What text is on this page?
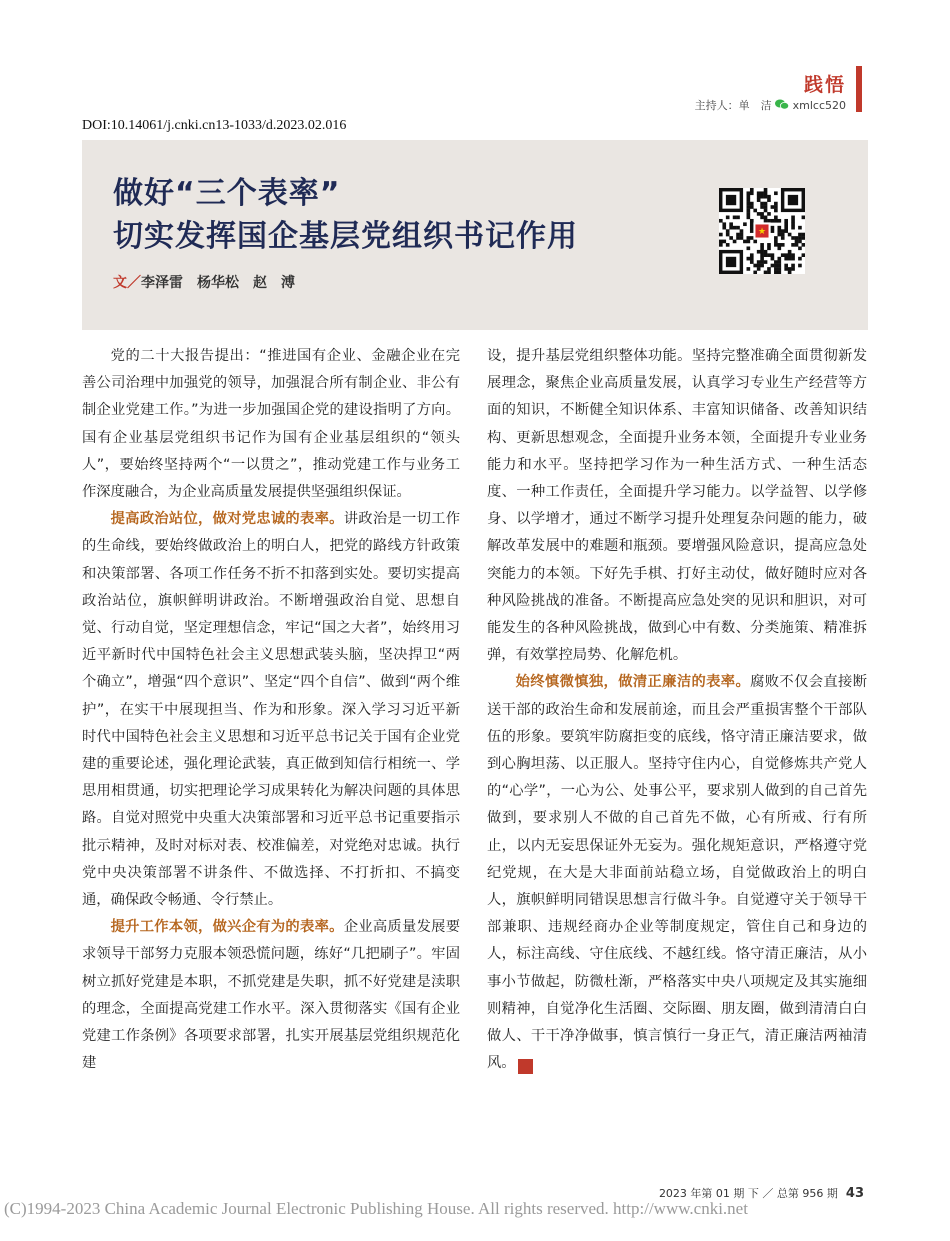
践悟
主持人：单　洁 xmlcc520
DOI:10.14061/j.cnki.cn13-1033/d.2023.02.016
做好“三个表率”
切实发挥国企基层党组织书记作用
文／李泽雷　杨华松　赵　溥
★

党的二十大报告提出：“推进国有企业、金融企业在完善公司治理中加强党的领导，加强混合所有制企业、非公有制企业党建工作。”为进一步加强国企党的建设指明了方向。国有企业基层党组织书记作为国有企业基层组织的“领头人”，要始终坚持两个“一以贯之”，推动党建工作与业务工作深度融合，为企业高质量发展提供坚强组织保证。

提高政治站位，做对党忠诚的表率。讲政治是一切工作的生命线，要始终做政治上的明白人，把党的路线方针政策和决策部署、各项工作任务不折不扣落到实处。要切实提高政治站位，旗帜鲜明讲政治。不断增强政治自觉、思想自觉、行动自觉，坚定理想信念，牢记“国之大者”，始终用习近平新时代中国特色社会主义思想武装头脑，坚决捍卫“两个确立”，增强“四个意识”、坚定“四个自信”、做到“两个维护”，在实干中展现担当、作为和形象。深入学习习近平新时代中国特色社会主义思想和习近平总书记关于国有企业党建的重要论述，强化理论武装，真正做到知信行相统一、学思用相贯通，切实把理论学习成果转化为解决问题的具体思路。自觉对照党中央重大决策部署和习近平总书记重要指示批示精神，及时对标对表、校准偏差，对党绝对忠诚。执行党中央决策部署不讲条件、不做选择、不打折扣、不搞变通，确保政令畅通、令行禁止。

提升工作本领，做兴企有为的表率。企业高质量发展要求领导干部努力克服本领恐慌问题，练好“几把刷子”。牢固树立抓好党建是本职，不抓党建是失职，抓不好党建是渎职的理念，全面提高党建工作水平。深入贯彻落实《国有企业党建工作条例》各项要求部署，扎实开展基层党组织规范化建

设，提升基层党组织整体功能。坚持完整准确全面贯彻新发展理念，聚焦企业高质量发展，认真学习专业生产经营等方面的知识，不断健全知识体系、丰富知识储备、改善知识结构、更新思想观念，全面提升业务本领，全面提升专业业务能力和水平。坚持把学习作为一种生活方式、一种生活态度、一种工作责任，全面提升学习能力。以学益智、以学修身、以学增才，通过不断学习提升处理复杂问题的能力，破解改革发展中的难题和瓶颈。要增强风险意识，提高应急处突能力的本领。下好先手棋、打好主动仗，做好随时应对各种风险挑战的准备。不断提高应急处突的见识和胆识，对可能发生的各种风险挑战，做到心中有数、分类施策、精准拆弹，有效掌控局势、化解危机。

始终慎微慎独，做清正廉洁的表率。腐败不仅会直接断送干部的政治生命和发展前途，而且会严重损害整个干部队伍的形象。要筑牢防腐拒变的底线，恪守清正廉洁要求，做到心胸坦荡、以正服人。坚持守住内心，自觉修炼共产党人的“心学”，一心为公、处事公平，要求别人做到的自己首先做到，要求别人不做的自己首先不做，心有所戒、行有所止，以内无妄思保证外无妄为。强化规矩意识，严格遵守党纪党规，在大是大非面前站稳立场，自觉做政治上的明白人，旗帜鲜明同错误思想言行做斗争。自觉遵守关于领导干部兼职、违规经商办企业等制度规定，管住自己和身边的人，标注高线、守住底线、不越红线。恪守清正廉洁，从小事小节做起，防微杜渐，严格落实中央八项规定及其实施细则精神，自觉净化生活圈、交际圈、朋友圈，做到清清白白做人、干干净净做事，慎言慎行一身正气，清正廉洁两袖清风。	HB

2023 年第 01 期 下 ／ 总第 956 期 43
(C)1994-2023 China Academic Journal Electronic Publishing House. All rights reserved. http://www.cnki.net
